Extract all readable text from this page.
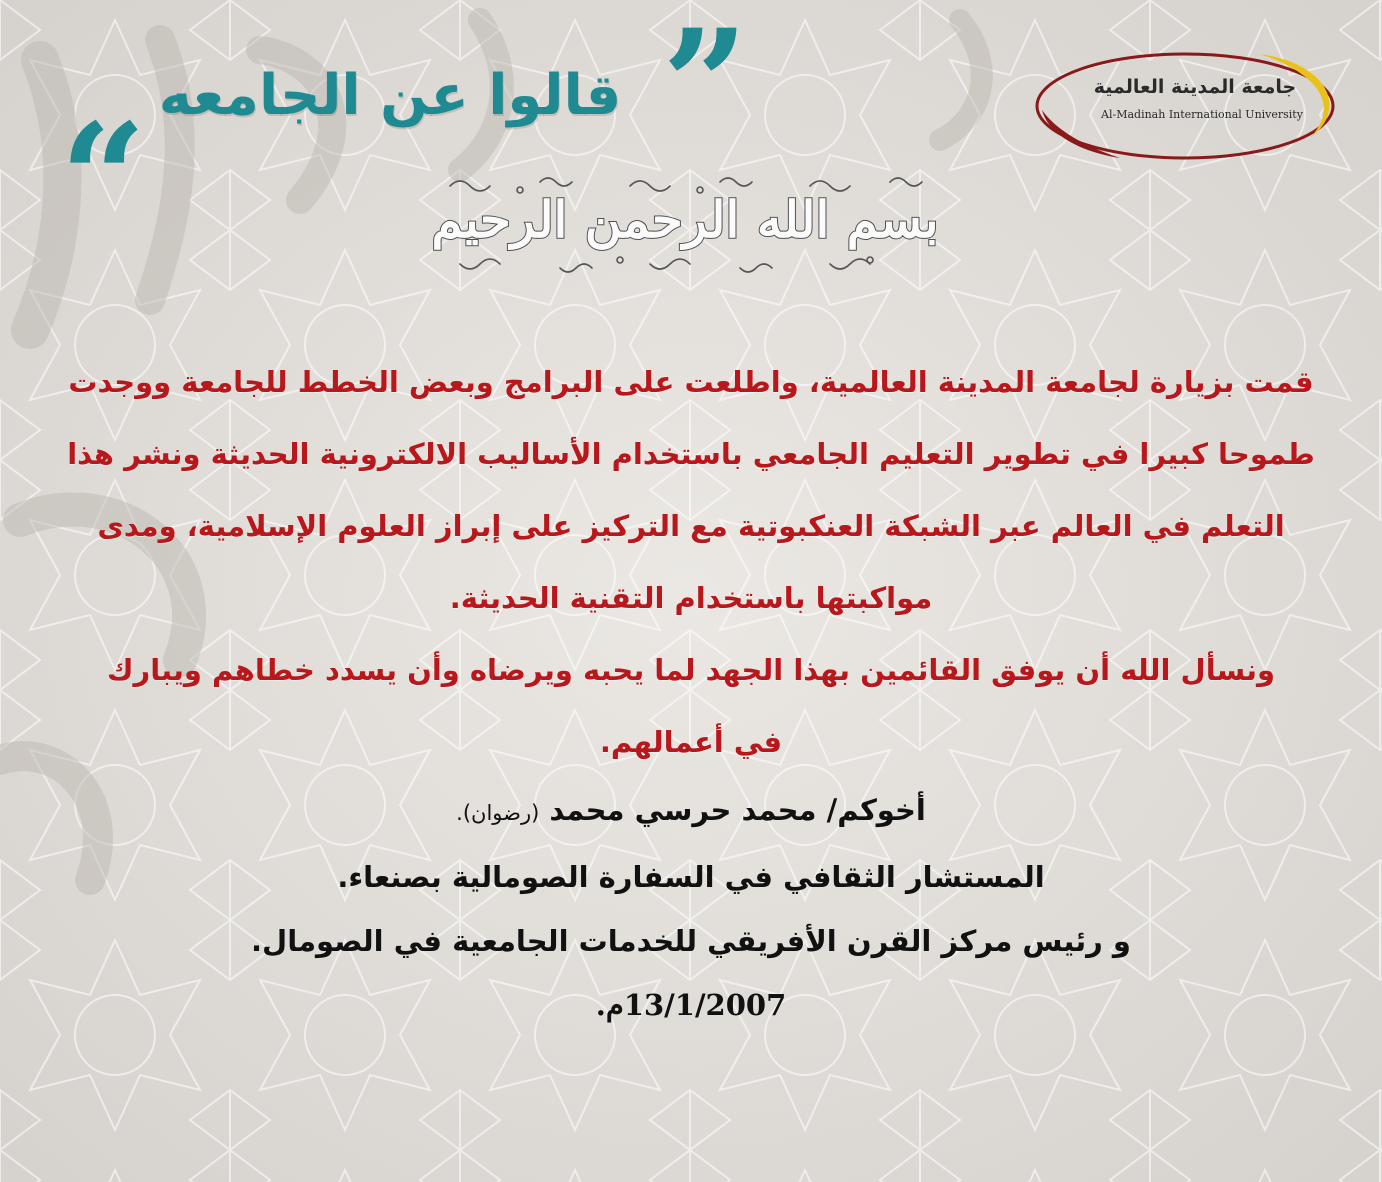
جامعة المدينة العالمية
Al-Madinah International University
”
قالوا عن الجامعه
“	بسم الله الرحمن الرحيم

قمت بزيارة لجامعة المدينة العالمية، واطلعت على البرامج وبعض الخطط للجامعة ووجدت طموحا كبيرا في تطوير التعليم الجامعي باستخدام الأساليب الالكترونية الحديثة ونشر هذا التعلم في العالم عبر الشبكة العنكبوتية مع التركيز على إبراز العلوم الإسلامية، ومدى مواكبتها باستخدام التقنية الحديثة.

ونسأل الله أن يوفق القائمين بهذا الجهد لما يحبه ويرضاه وأن يسدد خطاهم ويبارك في أعمالهم.

أخوكم/ محمد حرسي محمد (رضوان).

المستشار الثقافي في السفارة الصومالية بصنعاء.

و رئيس مركز القرن الأفريقي للخدمات الجامعية في الصومال.

13/1/2007م.
